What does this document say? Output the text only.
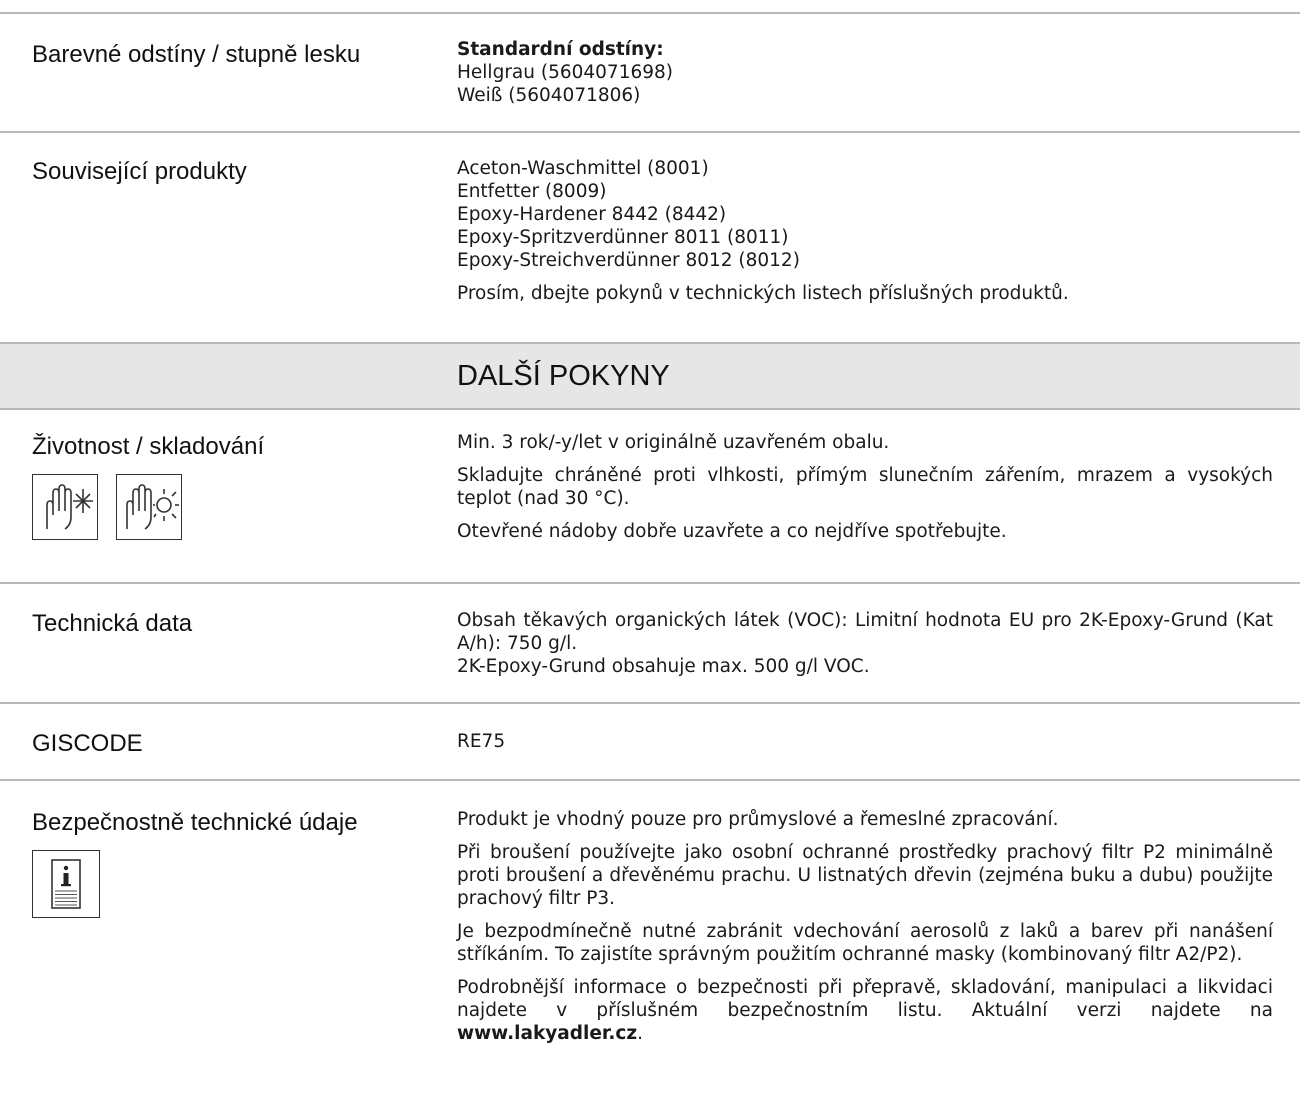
Barevné odstíny / stupně lesku	Standardní odstíny:

Hellgrau (5604071698)

Weiß (5604071806)

Související produkty	Aceton-Waschmittel (8001)

Entfetter (8009)

Epoxy-Hardener 8442 (8442)

Epoxy-Spritzverdünner 8011 (8011)

Epoxy-Streichverdünner 8012 (8012)

Prosím, dbejte pokynů v technických listech příslušných produktů.

DALŠÍ POKYNY
Životnost / skladování	Min. 3 rok/-y/let v originálně uzavřeném obalu.

Skladujte chráněné proti vlhkosti, přímým slunečním zářením, mrazem a vysokých teplot (nad 30 °C).

Otevřené nádoby dobře uzavřete a co nejdříve spotřebujte.

Technická data	Obsah těkavých organických látek (VOC): Limitní hodnota EU pro 2K-Epoxy-Grund (Kat A/h): 750 g/l.

2K-Epoxy-Grund obsahuje max. 500 g/l VOC.

GISCODE	RE75
Bezpečnostně technické údaje	Produkt je vhodný pouze pro průmyslové a řemeslné zpracování.

Při broušení používejte jako osobní ochranné prostředky prachový filtr P2 minimálně proti broušení a dřevěnému prachu. U listnatých dřevin (zejména buku a dubu) použijte prachový filtr P3.

Je bezpodmínečně nutné zabránit vdechování aerosolů z laků a barev při nanášení stříkáním. To zajistíte správným použitím ochranné masky (kombinovaný filtr A2/P2).

Podrobnější informace o bezpečnosti při přepravě, skladování, manipulaci a likvidaci najdete v příslušném bezpečnostním listu. Aktuální verzi najdete na www.lakyadler.cz.
